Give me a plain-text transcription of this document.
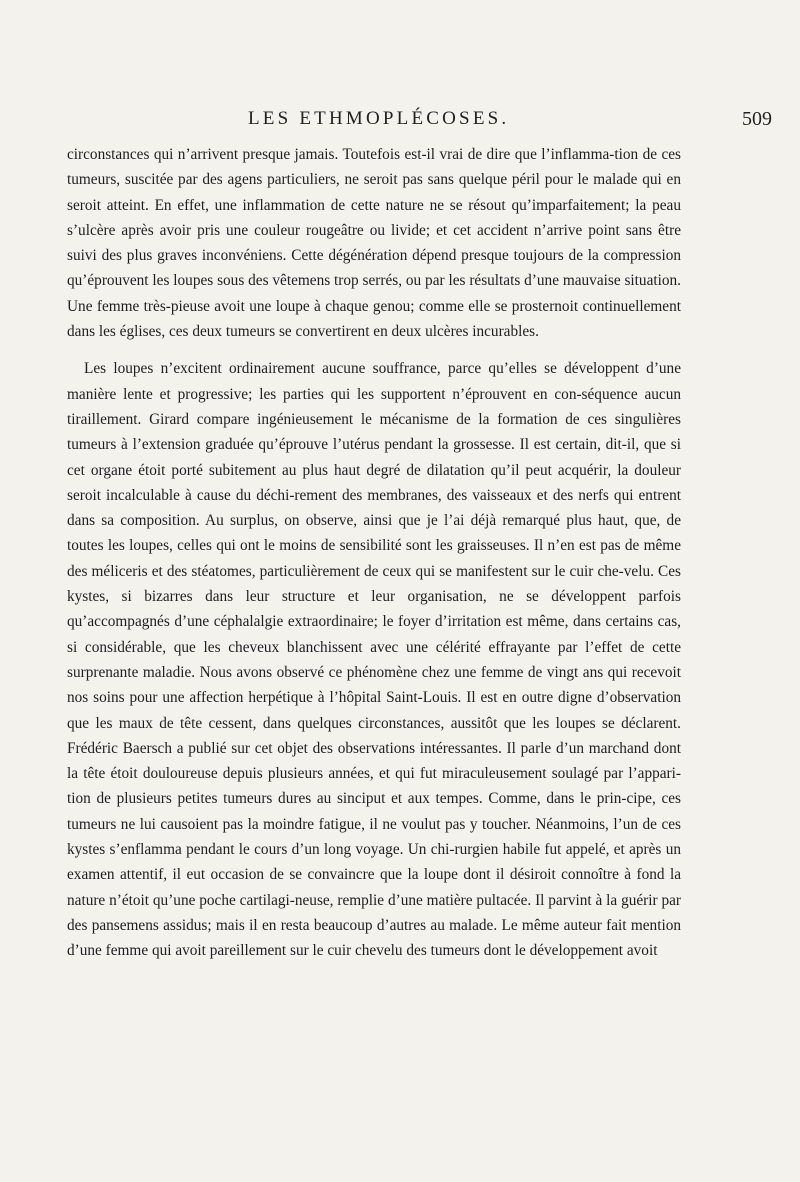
LES ETHMOPLÉCOSES.	509

circonstances qui n’arrivent presque jamais. Toutefois est-il vrai de dire que l’inflamma-tion de ces tumeurs, suscitée par des agens particuliers, ne seroit pas sans quelque péril pour le malade qui en seroit atteint. En effet, une inflammation de cette nature ne se résout qu’imparfaitement; la peau s’ulcère après avoir pris une couleur rougeâtre ou livide; et cet accident n’arrive point sans être suivi des plus graves inconvéniens. Cette dégénération dépend presque toujours de la compression qu’éprouvent les loupes sous des vêtemens trop serrés, ou par les résultats d’une mauvaise situation. Une femme très-pieuse avoit une loupe à chaque genou; comme elle se prosternoit continuellement dans les églises, ces deux tumeurs se convertirent en deux ulcères incurables.

Les loupes n’excitent ordinairement aucune souffrance, parce qu’elles se développent d’une manière lente et progressive; les parties qui les supportent n’éprouvent en con-séquence aucun tiraillement. Girard compare ingénieusement le mécanisme de la formation de ces singulières tumeurs à l’extension graduée qu’éprouve l’utérus pendant la grossesse. Il est certain, dit-il, que si cet organe étoit porté subitement au plus haut degré de dilatation qu’il peut acquérir, la douleur seroit incalculable à cause du déchi-rement des membranes, des vaisseaux et des nerfs qui entrent dans sa composition. Au surplus, on observe, ainsi que je l’ai déjà remarqué plus haut, que, de toutes les loupes, celles qui ont le moins de sensibilité sont les graisseuses. Il n’en est pas de même des méliceris et des stéatomes, particulièrement de ceux qui se manifestent sur le cuir che-velu. Ces kystes, si bizarres dans leur structure et leur organisation, ne se développent parfois qu’accompagnés d’une céphalalgie extraordinaire; le foyer d’irritation est même, dans certains cas, si considérable, que les cheveux blanchissent avec une célérité effrayante par l’effet de cette surprenante maladie. Nous avons observé ce phénomène chez une femme de vingt ans qui recevoit nos soins pour une affection herpétique à l’hôpital Saint-Louis. Il est en outre digne d’observation que les maux de tête cessent, dans quelques circonstances, aussitôt que les loupes se déclarent. Frédéric Baersch a publié sur cet objet des observations intéressantes. Il parle d’un marchand dont la tête étoit douloureuse depuis plusieurs années, et qui fut miraculeusement soulagé par l’appari-tion de plusieurs petites tumeurs dures au sinciput et aux tempes. Comme, dans le prin-cipe, ces tumeurs ne lui causoient pas la moindre fatigue, il ne voulut pas y toucher. Néanmoins, l’un de ces kystes s’enflamma pendant le cours d’un long voyage. Un chi-rurgien habile fut appelé, et après un examen attentif, il eut occasion de se convaincre que la loupe dont il désiroit connoître à fond la nature n’étoit qu’une poche cartilagi-neuse, remplie d’une matière pultacée. Il parvint à la guérir par des pansemens assidus; mais il en resta beaucoup d’autres au malade. Le même auteur fait mention d’une femme qui avoit pareillement sur le cuir chevelu des tumeurs dont le développement avoit
